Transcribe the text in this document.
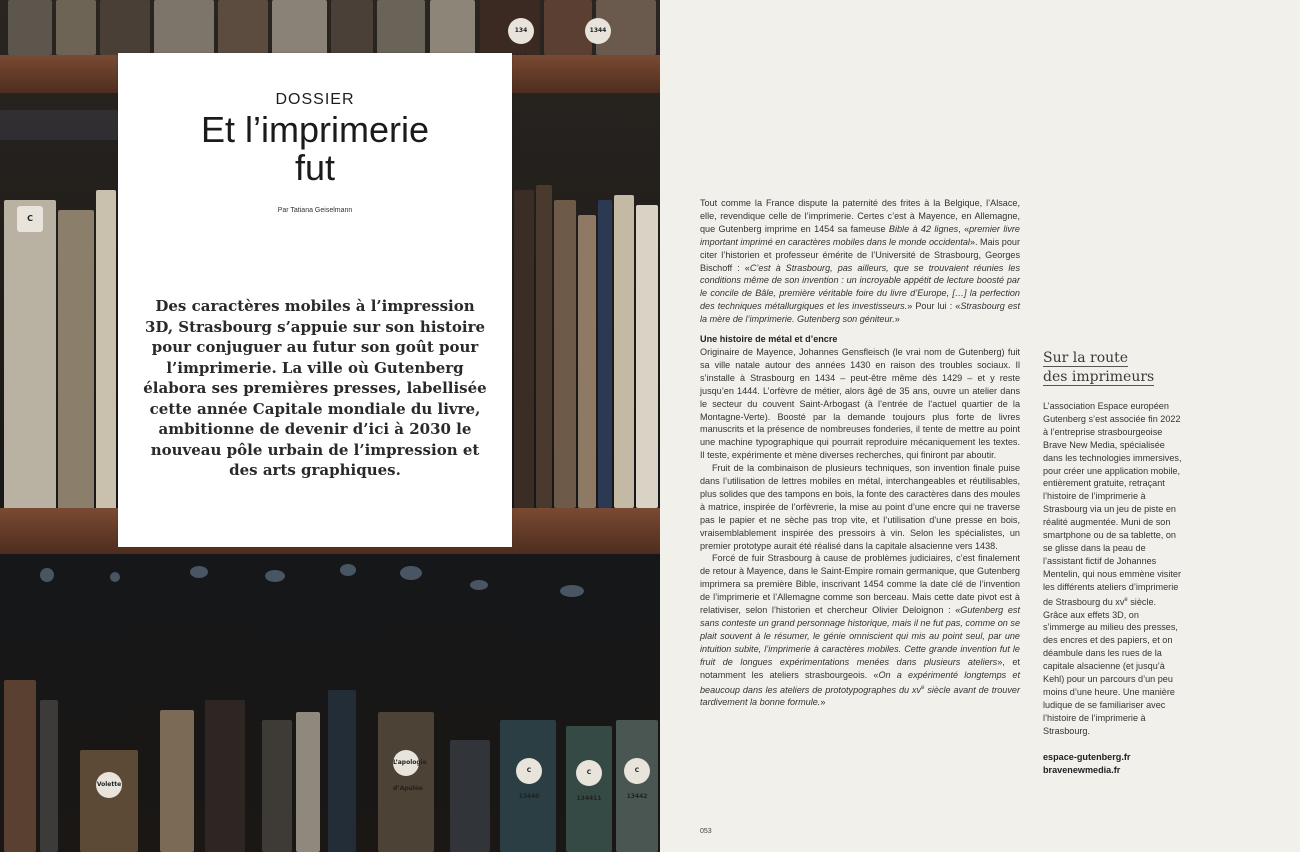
134	1344
C
Volette
L’apologie d’Apulée
C 13440
C 134411
C 13442
DOSSIER
Et l’imprimerie
fut
Par Tatiana Geiselmann
Des caractères mobiles à l’impression 3D, Strasbourg s’appuie sur son histoire pour conjuguer au futur son goût pour l’imprimerie. La ville où Gutenberg élabora ses premières presses, labellisée cette année Capitale mondiale du livre, ambitionne de devenir d’ici à 2030 le nouveau pôle urbain de l’impression et des arts graphiques.

Tout comme la France dispute la paternité des frites à la Belgique, l’Alsace, elle, revendique celle de l’imprimerie. Certes c’est à Mayence, en Allemagne, que Gutenberg imprime en 1454 sa fameuse Bible à 42 lignes, «premier livre important imprimé en caractères mobiles dans le monde occidental». Mais pour citer l’historien et professeur émérite de l’Université de Strasbourg, Georges Bischoff : «C’est à Strasbourg, pas ailleurs, que se trouvaient réunies les conditions même de son invention : un incroyable appétit de lecture boosté par le concile de Bâle, première véritable foire du livre d’Europe, […] la perfection des techniques métallurgiques et les investisseurs.» Pour lui : «Strasbourg est la mère de l’imprimerie. Gutenberg son géniteur.»

Une histoire de métal et d’encre

Originaire de Mayence, Johannes Gensfleisch (le vrai nom de Gutenberg) fuit sa ville natale autour des années 1430 en raison des troubles sociaux. Il s’installe à Strasbourg en 1434 – peut-être même dès 1429 – et y reste jusqu’en 1444. L’orfèvre de métier, alors âgé de 35 ans, ouvre un atelier dans le secteur du couvent Saint-Arbogast (à l’entrée de l’actuel quartier de la Montagne-Verte). Boosté par la demande toujours plus forte de livres manuscrits et la présence de nombreuses fonderies, il tente de mettre au point une machine typographique qui pourrait reproduire mécaniquement les textes. Il teste, expérimente et mène diverses recherches, qui finiront par aboutir.

Fruit de la combinaison de plusieurs techniques, son invention finale puise dans l’utilisation de lettres mobiles en métal, interchangeables et réutilisables, plus solides que des tampons en bois, la fonte des caractères dans des moules à matrice, inspirée de l’orfèvrerie, la mise au point d’une encre qui ne traverse pas le papier et ne sèche pas trop vite, et l’utilisation d’une presse en bois, vraisemblablement inspirée des pressoirs à vin. Selon les spécialistes, un premier prototype aurait été réalisé dans la capitale alsacienne vers 1438.

Forcé de fuir Strasbourg à cause de problèmes judiciaires, c’est finalement de retour à Mayence, dans le Saint-Empire romain germanique, que Gutenberg imprimera sa première Bible, inscrivant 1454 comme la date clé de l’invention de l’imprimerie et l’Allemagne comme son berceau. Mais cette date pivot est à relativiser, selon l’historien et chercheur Olivier Deloignon : «Gutenberg est sans conteste un grand personnage historique, mais il ne fut pas, comme on se plait souvent à le résumer, le génie omniscient qui mis au point seul, par une intuition subite, l’imprimerie à caractères mobiles. Cette grande invention fut le fruit de longues expérimentations menées dans plusieurs ateliers», et notamment les ateliers strasbourgeois. «On a expérimenté longtemps et beaucoup dans les ateliers de prototypographes du $xv^e$ siècle avant de trouver tardivement la bonne formule.»

Sur la route
des imprimeurs
L’association Espace européen Gutenberg s’est associée fin 2022 à l’entreprise strasbourgeoise Brave New Media, spécialisée dans les technologies immersives, pour créer une application mobile, entièrement gratuite, retraçant l’histoire de l’imprimerie à Strasbourg via un jeu de piste en réalité augmentée. Muni de son smartphone ou de sa tablette, on se glisse dans la peau de l’assistant fictif de Johannes Mentelin, qui nous emmène visiter les différents ateliers d’imprimerie de Strasbourg du $xv^e$ siècle. Grâce aux effets 3D, on s’immerge au milieu des presses, des encres et des papiers, et on déambule dans les rues de la capitale alsacienne (et jusqu’à Kehl) pour un parcours d’un peu moins d’une heure. Une manière ludique de se familiariser avec l’histoire de l’imprimerie à Strasbourg.
espace-gutenberg.fr
bravenewmedia.fr
053
